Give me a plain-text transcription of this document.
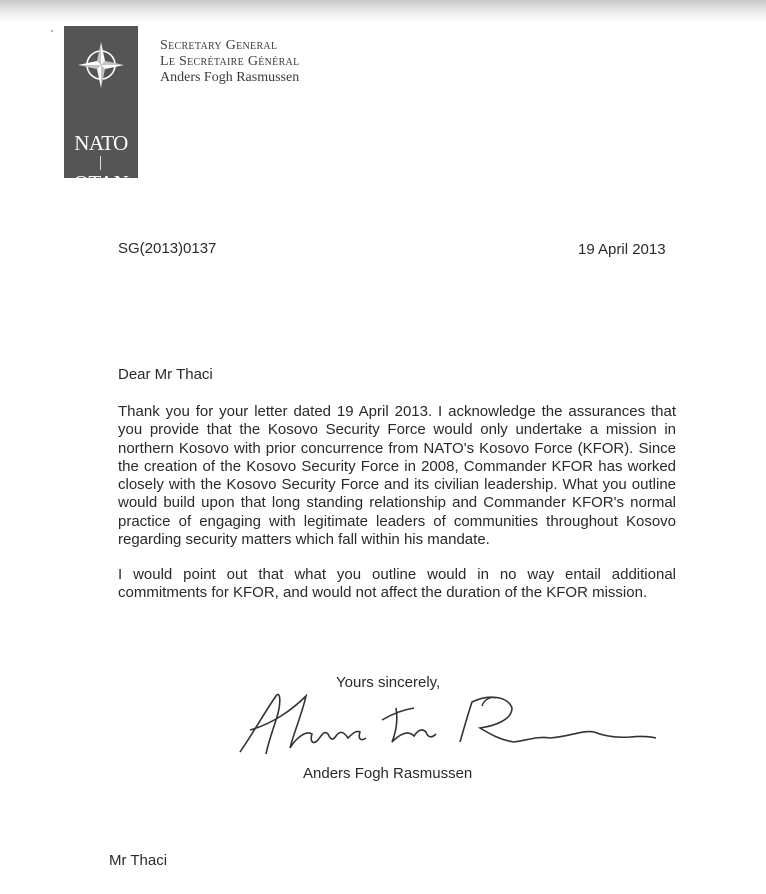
NATO
OTAN
Secretary General
Le Secrétaire Général
Anders Fogh Rasmussen
SG(2013)0137	19 April 2013
Dear Mr Thaci
Thank you for your letter dated 19 April 2013. I acknowledge the assurances that you provide that the Kosovo Security Force would only undertake a mission in northern Kosovo with prior concurrence from NATO's Kosovo Force (KFOR). Since the creation of the Kosovo Security Force in 2008, Commander KFOR has worked closely with the Kosovo Security Force and its civilian leadership. What you outline would build upon that long standing relationship and Commander KFOR's normal practice of engaging with legitimate leaders of communities throughout Kosovo regarding security matters which fall within his mandate.
I would point out that what you outline would in no way entail additional commitments for KFOR, and would not affect the duration of the KFOR mission.
Yours sincerely,
Anders Fogh Rasmussen
Mr Thaci
